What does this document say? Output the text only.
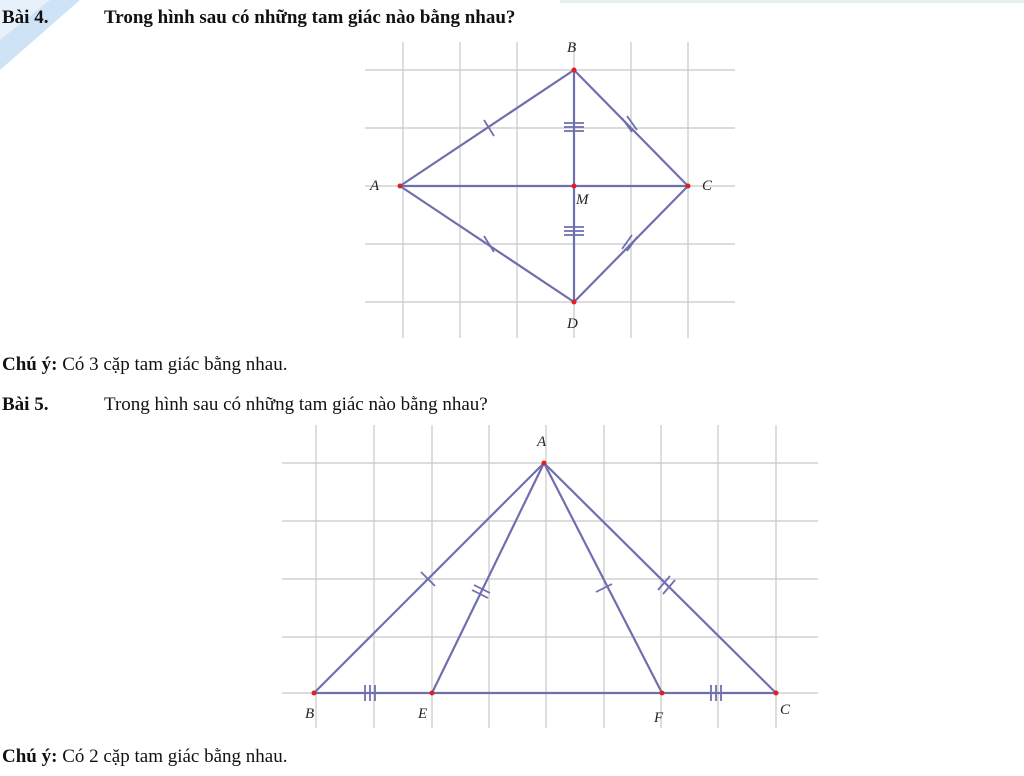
Bài 4.	Trong hình sau có những tam giác nào bằng nhau?
B
A	C
M
D
Chú ý: Có 3 cặp tam giác bằng nhau.
Bài 5.	Trong hình sau có những tam giác nào bằng nhau?
A
B	E	F	C
Chú ý: Có 2 cặp tam giác bằng nhau.
